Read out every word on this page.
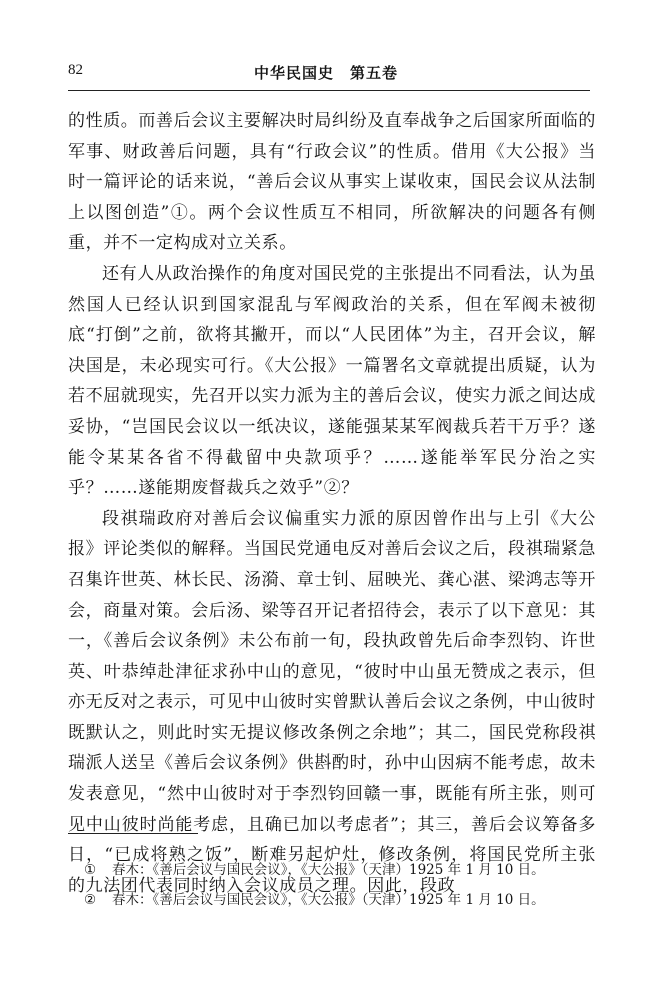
82	中华民国史　第五卷

的性质。而善后会议主要解决时局纠纷及直奉战争之后国家所面临的军事、财政善后问题，具有“行政会议”的性质。借用《大公报》当时一篇评论的话来说，“善后会议从事实上谋收束，国民会议从法制上以图创造”①。两个会议性质互不相同，所欲解决的问题各有侧重，并不一定构成对立关系。

还有人从政治操作的角度对国民党的主张提出不同看法，认为虽然国人已经认识到国家混乱与军阀政治的关系，但在军阀未被彻底“打倒”之前，欲将其撇开，而以“人民团体”为主，召开会议，解决国是，未必现实可行。《大公报》一篇署名文章就提出质疑，认为若不屈就现实，先召开以实力派为主的善后会议，使实力派之间达成妥协，“岂国民会议以一纸决议，遂能强某某军阀裁兵若干万乎？遂能令某某各省不得截留中央款项乎？……遂能举军民分治之实乎？……遂能期废督裁兵之效乎”②？

段祺瑞政府对善后会议偏重实力派的原因曾作出与上引《大公报》评论类似的解释。当国民党通电反对善后会议之后，段祺瑞紧急召集许世英、林长民、汤漪、章士钊、屈映光、龚心湛、梁鸿志等开会，商量对策。会后汤、梁等召开记者招待会，表示了以下意见：其一，《善后会议条例》未公布前一旬，段执政曾先后命李烈钧、许世英、叶恭绰赴津征求孙中山的意见，“彼时中山虽无赞成之表示，但亦无反对之表示，可见中山彼时实曾默认善后会议之条例，中山彼时既默认之，则此时实无提议修改条例之余地”；其二，国民党称段祺瑞派人送呈《善后会议条例》供斟酌时，孙中山因病不能考虑，故未发表意见，“然中山彼时对于李烈钧回赣一事，既能有所主张，则可见中山彼时尚能考虑，且确已加以考虑者”；其三，善后会议筹备多日，“已成将熟之饭”，断难另起炉灶，修改条例，将国民党所主张的九法团代表同时纳入会议成员之理。因此，段政

① 春木：《善后会议与国民会议》，《大公报》（天津）1925 年 1 月 10 日。
② 春木：《善后会议与国民会议》，《大公报》（天津）1925 年 1 月 10 日。
